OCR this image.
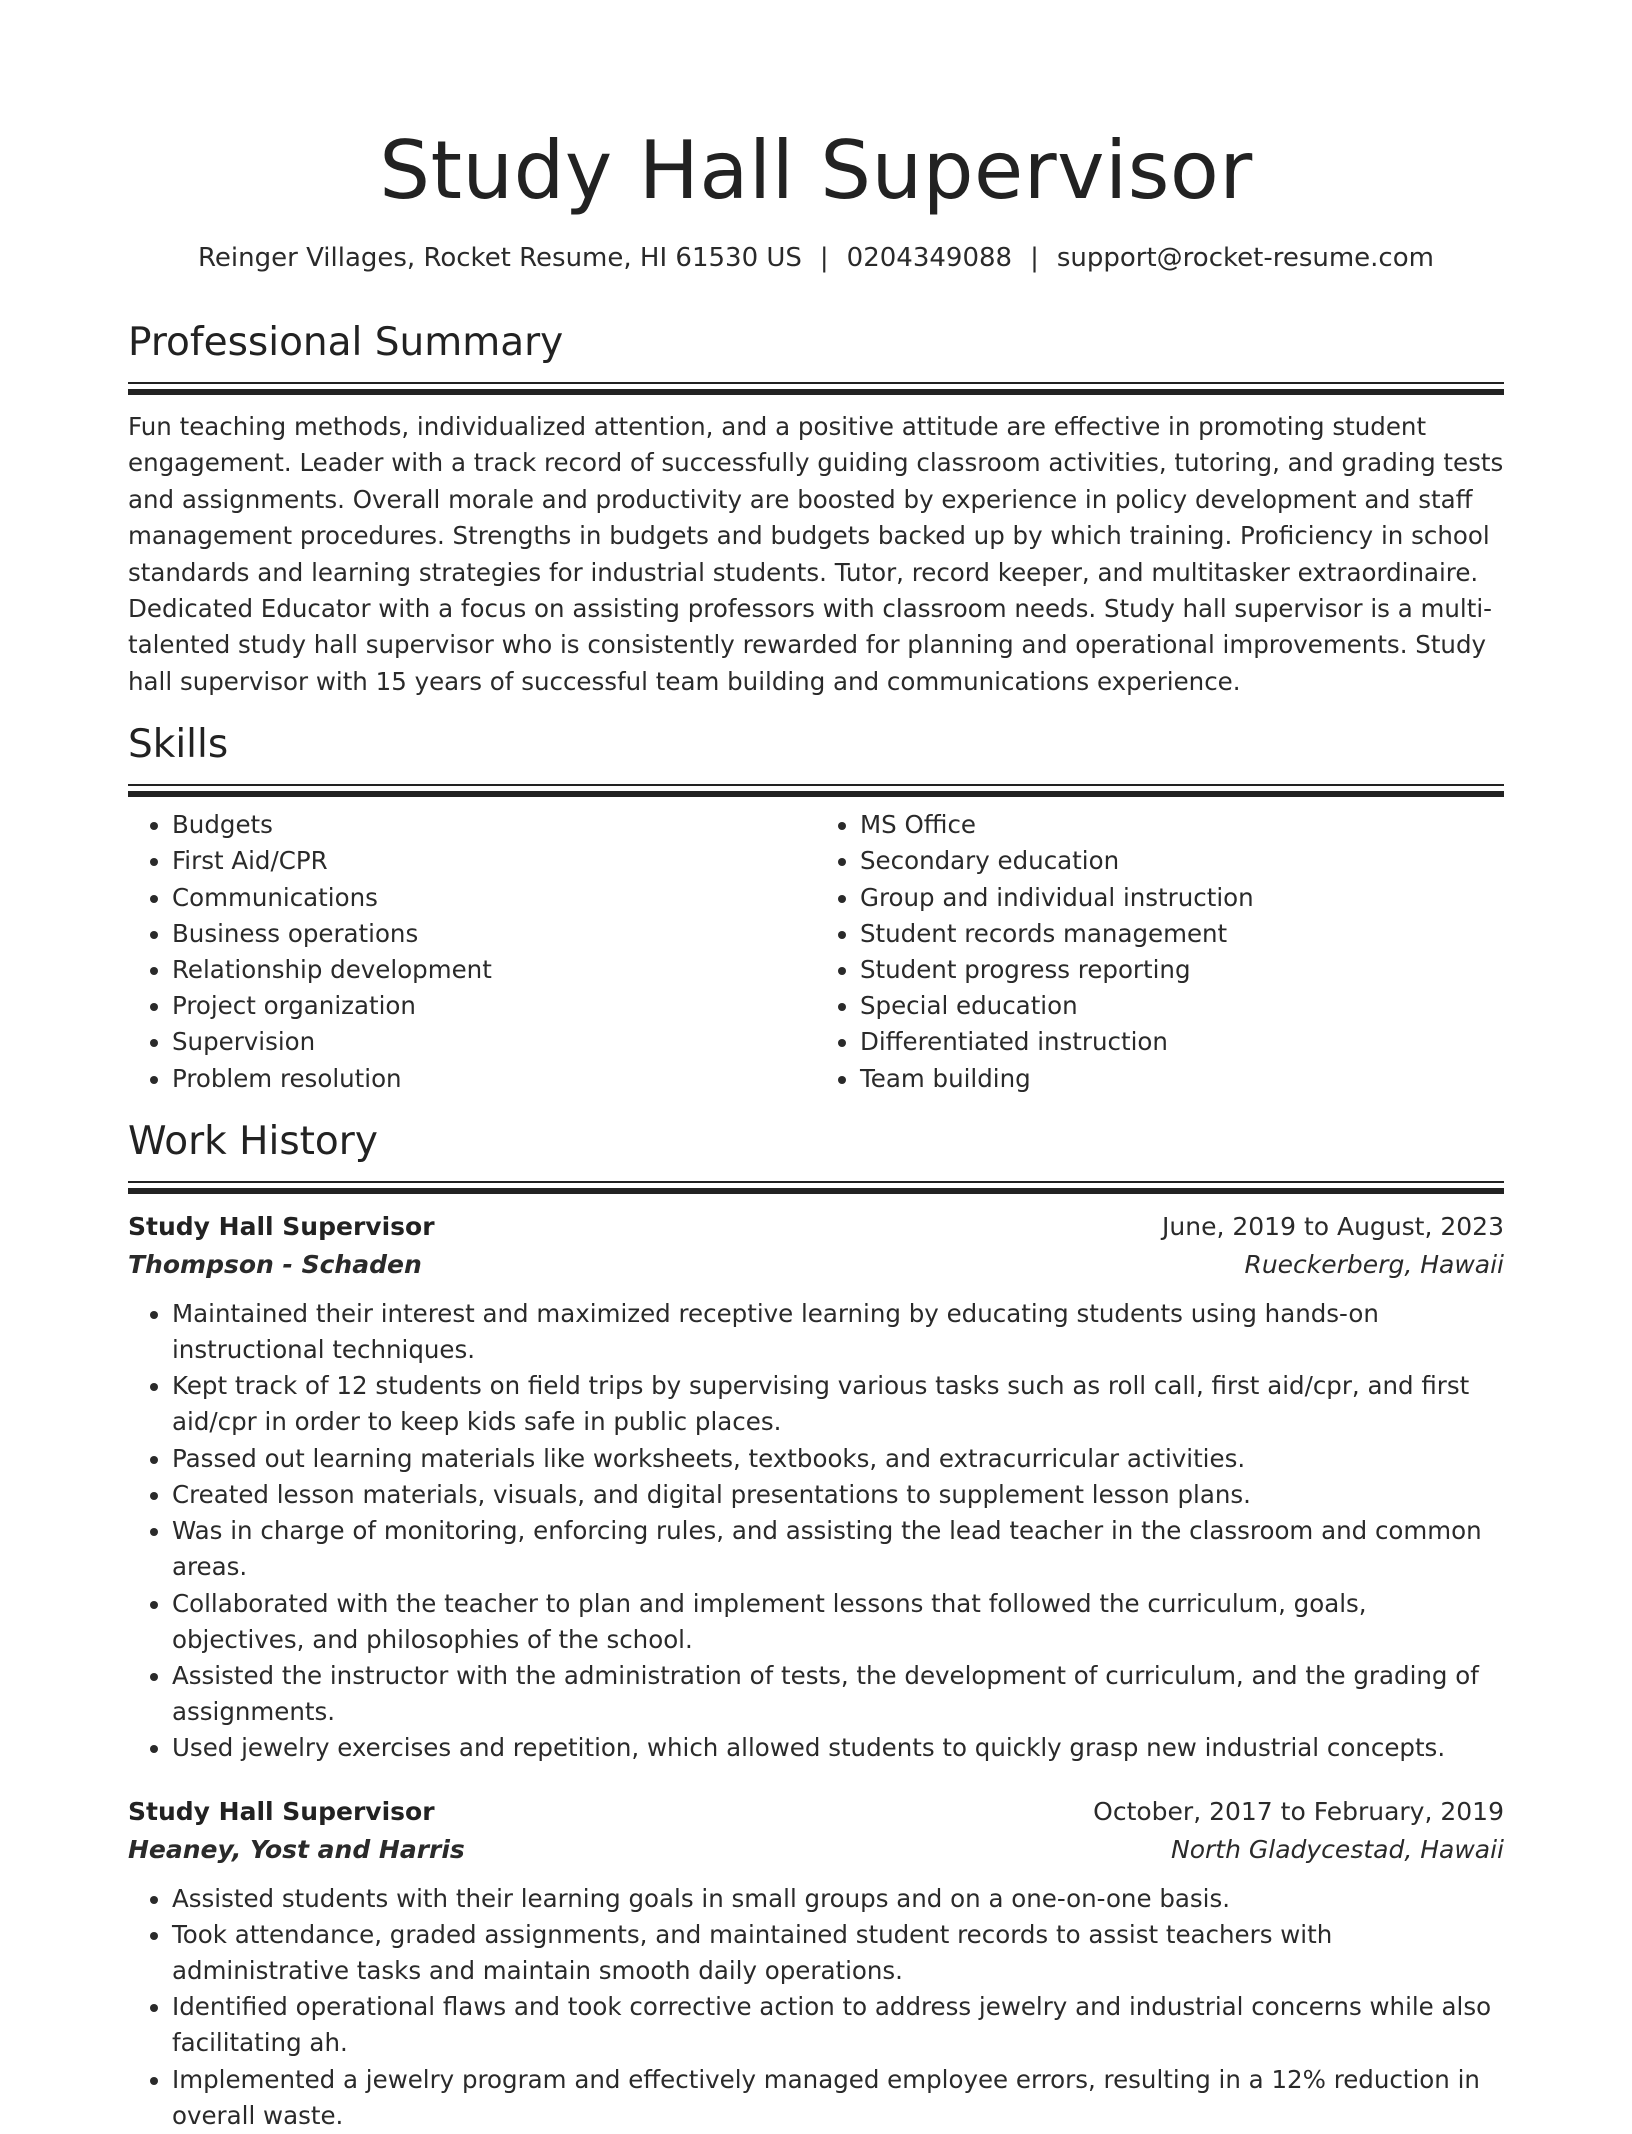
Study Hall Supervisor
Reinger Villages, Rocket Resume, HI 61530 US | 0204349088 | support@rocket-resume.com
Professional Summary

Fun teaching methods, individualized attention, and a positive attitude are effective in promoting student engagement. Leader with a track record of successfully guiding classroom activities, tutoring, and grading tests and assignments. Overall morale and productivity are boosted by experience in policy development and staff management procedures. Strengths in budgets and budgets backed up by which training. Proficiency in school standards and learning strategies for industrial students. Tutor, record keeper, and multitasker extraordinaire. Dedicated Educator with a focus on assisting professors with classroom needs. Study hall supervisor is a multi-talented study hall supervisor who is consistently rewarded for planning and operational improvements. Study hall supervisor with 15 years of successful team building and communications experience.

Skills
• Budgets
• First Aid/CPR
• Communications
• Business operations
• Relationship development
• Project organization
• Supervision
• Problem resolution
• MS Office
• Secondary education
• Group and individual instruction
• Student records management
• Student progress reporting
• Special education
• Differentiated instruction
• Team building
Work History
Study Hall Supervisor	June, 2019 to August, 2023
Thompson - Schaden	Rueckerberg, Hawaii
• Maintained their interest and maximized receptive learning by educating students using hands-on instructional techniques.
• Kept track of 12 students on field trips by supervising various tasks such as roll call, first aid/cpr, and first aid/cpr in order to keep kids safe in public places.
• Passed out learning materials like worksheets, textbooks, and extracurricular activities.
• Created lesson materials, visuals, and digital presentations to supplement lesson plans.
• Was in charge of monitoring, enforcing rules, and assisting the lead teacher in the classroom and common areas.
• Collaborated with the teacher to plan and implement lessons that followed the curriculum, goals, objectives, and philosophies of the school.
• Assisted the instructor with the administration of tests, the development of curriculum, and the grading of assignments.
• Used jewelry exercises and repetition, which allowed students to quickly grasp new industrial concepts.
Study Hall Supervisor	October, 2017 to February, 2019
Heaney, Yost and Harris	North Gladycestad, Hawaii
• Assisted students with their learning goals in small groups and on a one-on-one basis.
• Took attendance, graded assignments, and maintained student records to assist teachers with administrative tasks and maintain smooth daily operations.
• Identified operational flaws and took corrective action to address jewelry and industrial concerns while also facilitating ah.
• Implemented a jewelry program and effectively managed employee errors, resulting in a 12% reduction in overall waste.
